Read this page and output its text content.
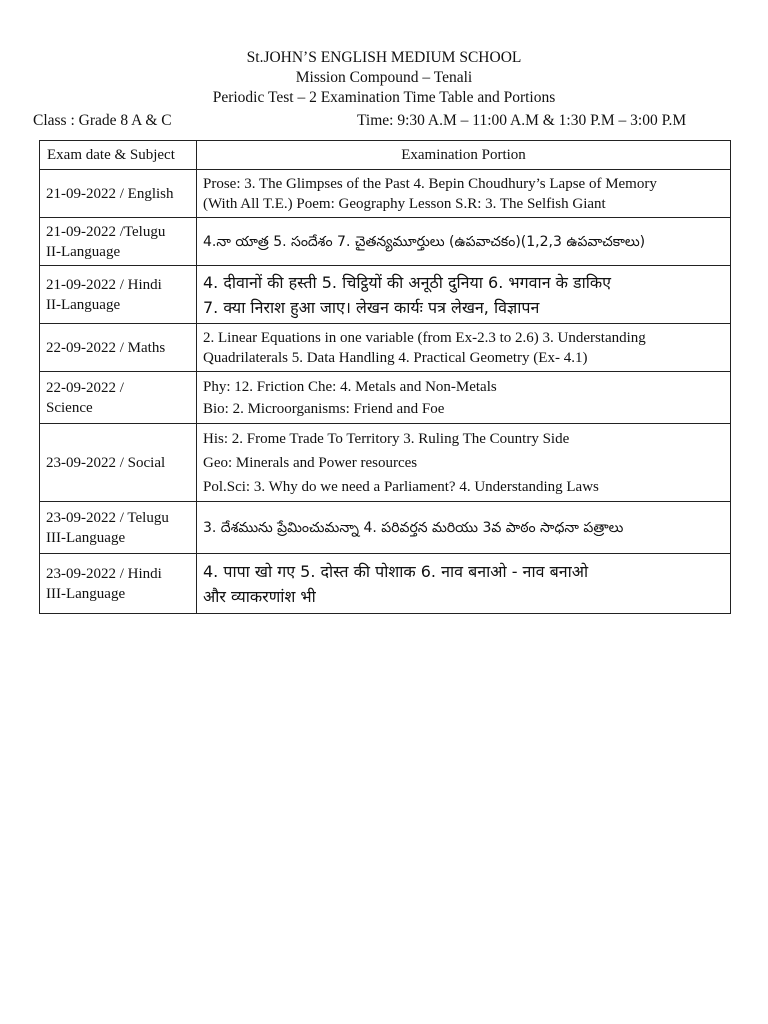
St.JOHN’S ENGLISH MEDIUM SCHOOL
Mission Compound – Tenali
Periodic Test – 2 Examination Time Table and Portions
Class : Grade 8 A & C	Time: 9:30 A.M – 11:00 A.M & 1:30 P.M – 3:00 P.M
Exam date & Subject	Examination Portion

21-09-2022 / English	Prose: 3. The Glimpses of the Past 4. Bepin Choudhury’s Lapse of Memory
(With All T.E.) Poem: Geography Lesson S.R: 3. The Selfish Giant

21-09-2022 /Telugu
II-Language	4.నా యాత్ర 5. సందేశం 7. చైతన్యమూర్తులు (ఉపవాచకం)(1,2,3 ఉపవాచకాలు)

21-09-2022 / Hindi
II-Language	4. दीवानों की हस्ती 5. चिट्ठियों की अनूठी दुनिया 6. भगवान के डाकिए
7. क्या निराश हुआ जाए। लेखन कार्यः पत्र लेखन, विज्ञापन

22-09-2022 / Maths	2. Linear Equations in one variable (from Ex-2.3 to 2.6) 3. Understanding
Quadrilaterals 5. Data Handling 4. Practical Geometry (Ex- 4.1)

22-09-2022 /
Science	Phy: 12. Friction Che: 4. Metals and Non-Metals
Bio: 2. Microorganisms: Friend and Foe

23-09-2022 / Social	His: 2. Frome Trade To Territory 3. Ruling The Country Side
Geo: Minerals and Power resources
Pol.Sci: 3. Why do we need a Parliament? 4. Understanding Laws

23-09-2022 / Telugu
III-Language	3. దేశమును ప్రేమించుమన్నా 4. పరివర్తన మరియు 3వ పాఠం సాధనా పత్రాలు

23-09-2022 / Hindi
III-Language	4. पापा खो गए 5. दोस्त की पोशाक 6. नाव बनाओ - नाव बनाओ
और व्याकरणांश भी
